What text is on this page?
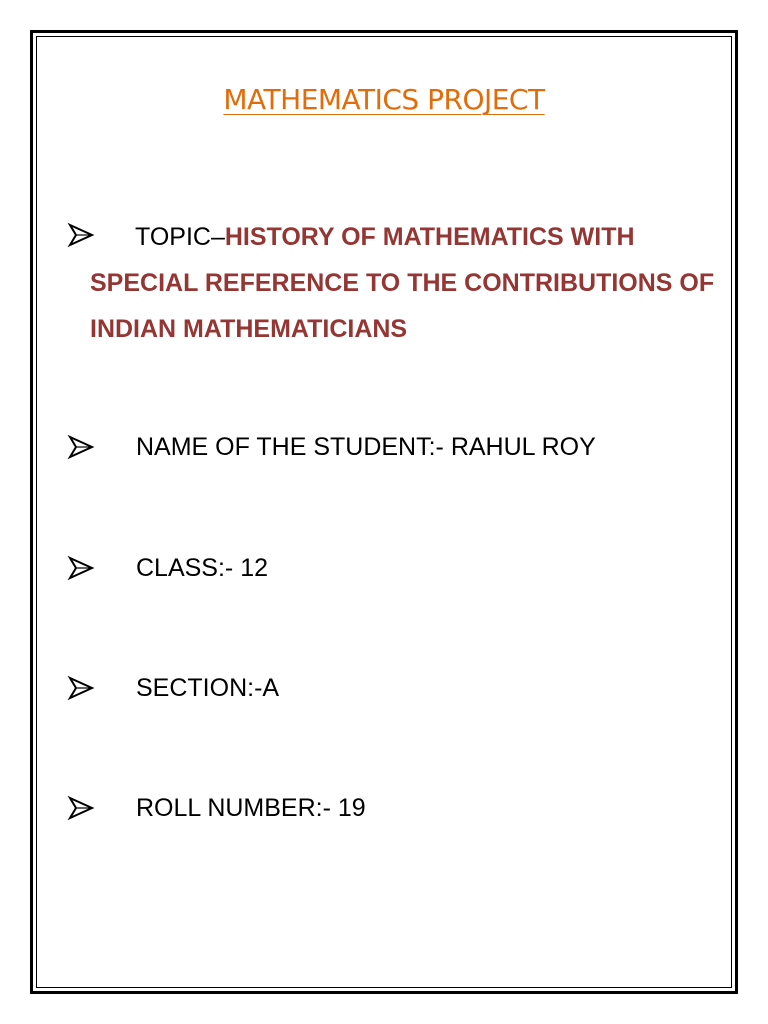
MATHEMATICS PROJECT
TOPIC–HISTORY OF MATHEMATICS WITH SPECIAL REFERENCE TO THE CONTRIBUTIONS OF INDIAN MATHEMATICIANS
NAME OF THE STUDENT:- RAHUL ROY
CLASS:- 12
SECTION:-A
ROLL NUMBER:- 19
